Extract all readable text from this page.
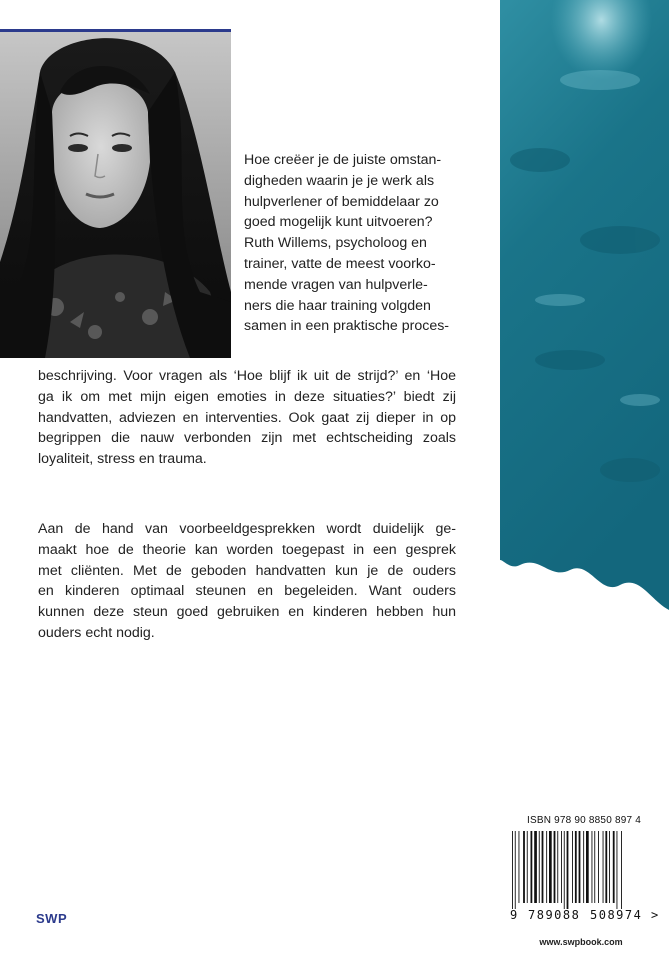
Hoe creëer je de juiste omstan-
digheden waarin je je werk als
hulpverlener of bemiddelaar zo
goed mogelijk kunt uitvoeren?
Ruth Willems, psycholoog en
trainer, vatte de meest voorko-
mende vragen van hulpverle-
ners die haar training volgden
samen in een praktische proces-
beschrijving. Voor vragen als ‘Hoe blijf ik uit de strijd?’ en ‘Hoe
ga ik om met mijn eigen emoties in deze situaties?’ biedt zij
handvatten, adviezen en interventies. Ook gaat zij dieper in op
begrippen die nauw verbonden zijn met echtscheiding zoals
loyaliteit, stress en trauma.
Aan de hand van voorbeeldgesprekken wordt duidelijk ge-
maakt hoe de theorie kan worden toegepast in een gesprek
met cliënten. Met de geboden handvatten kun je de ouders
en kinderen optimaal steunen en begeleiden. Want ouders
kunnen deze steun goed gebruiken en kinderen hebben hun
ouders echt nodig.
ISBN 978 90 8850 897 4
9 789088 508974 >
www.swpbook.com
SWP
